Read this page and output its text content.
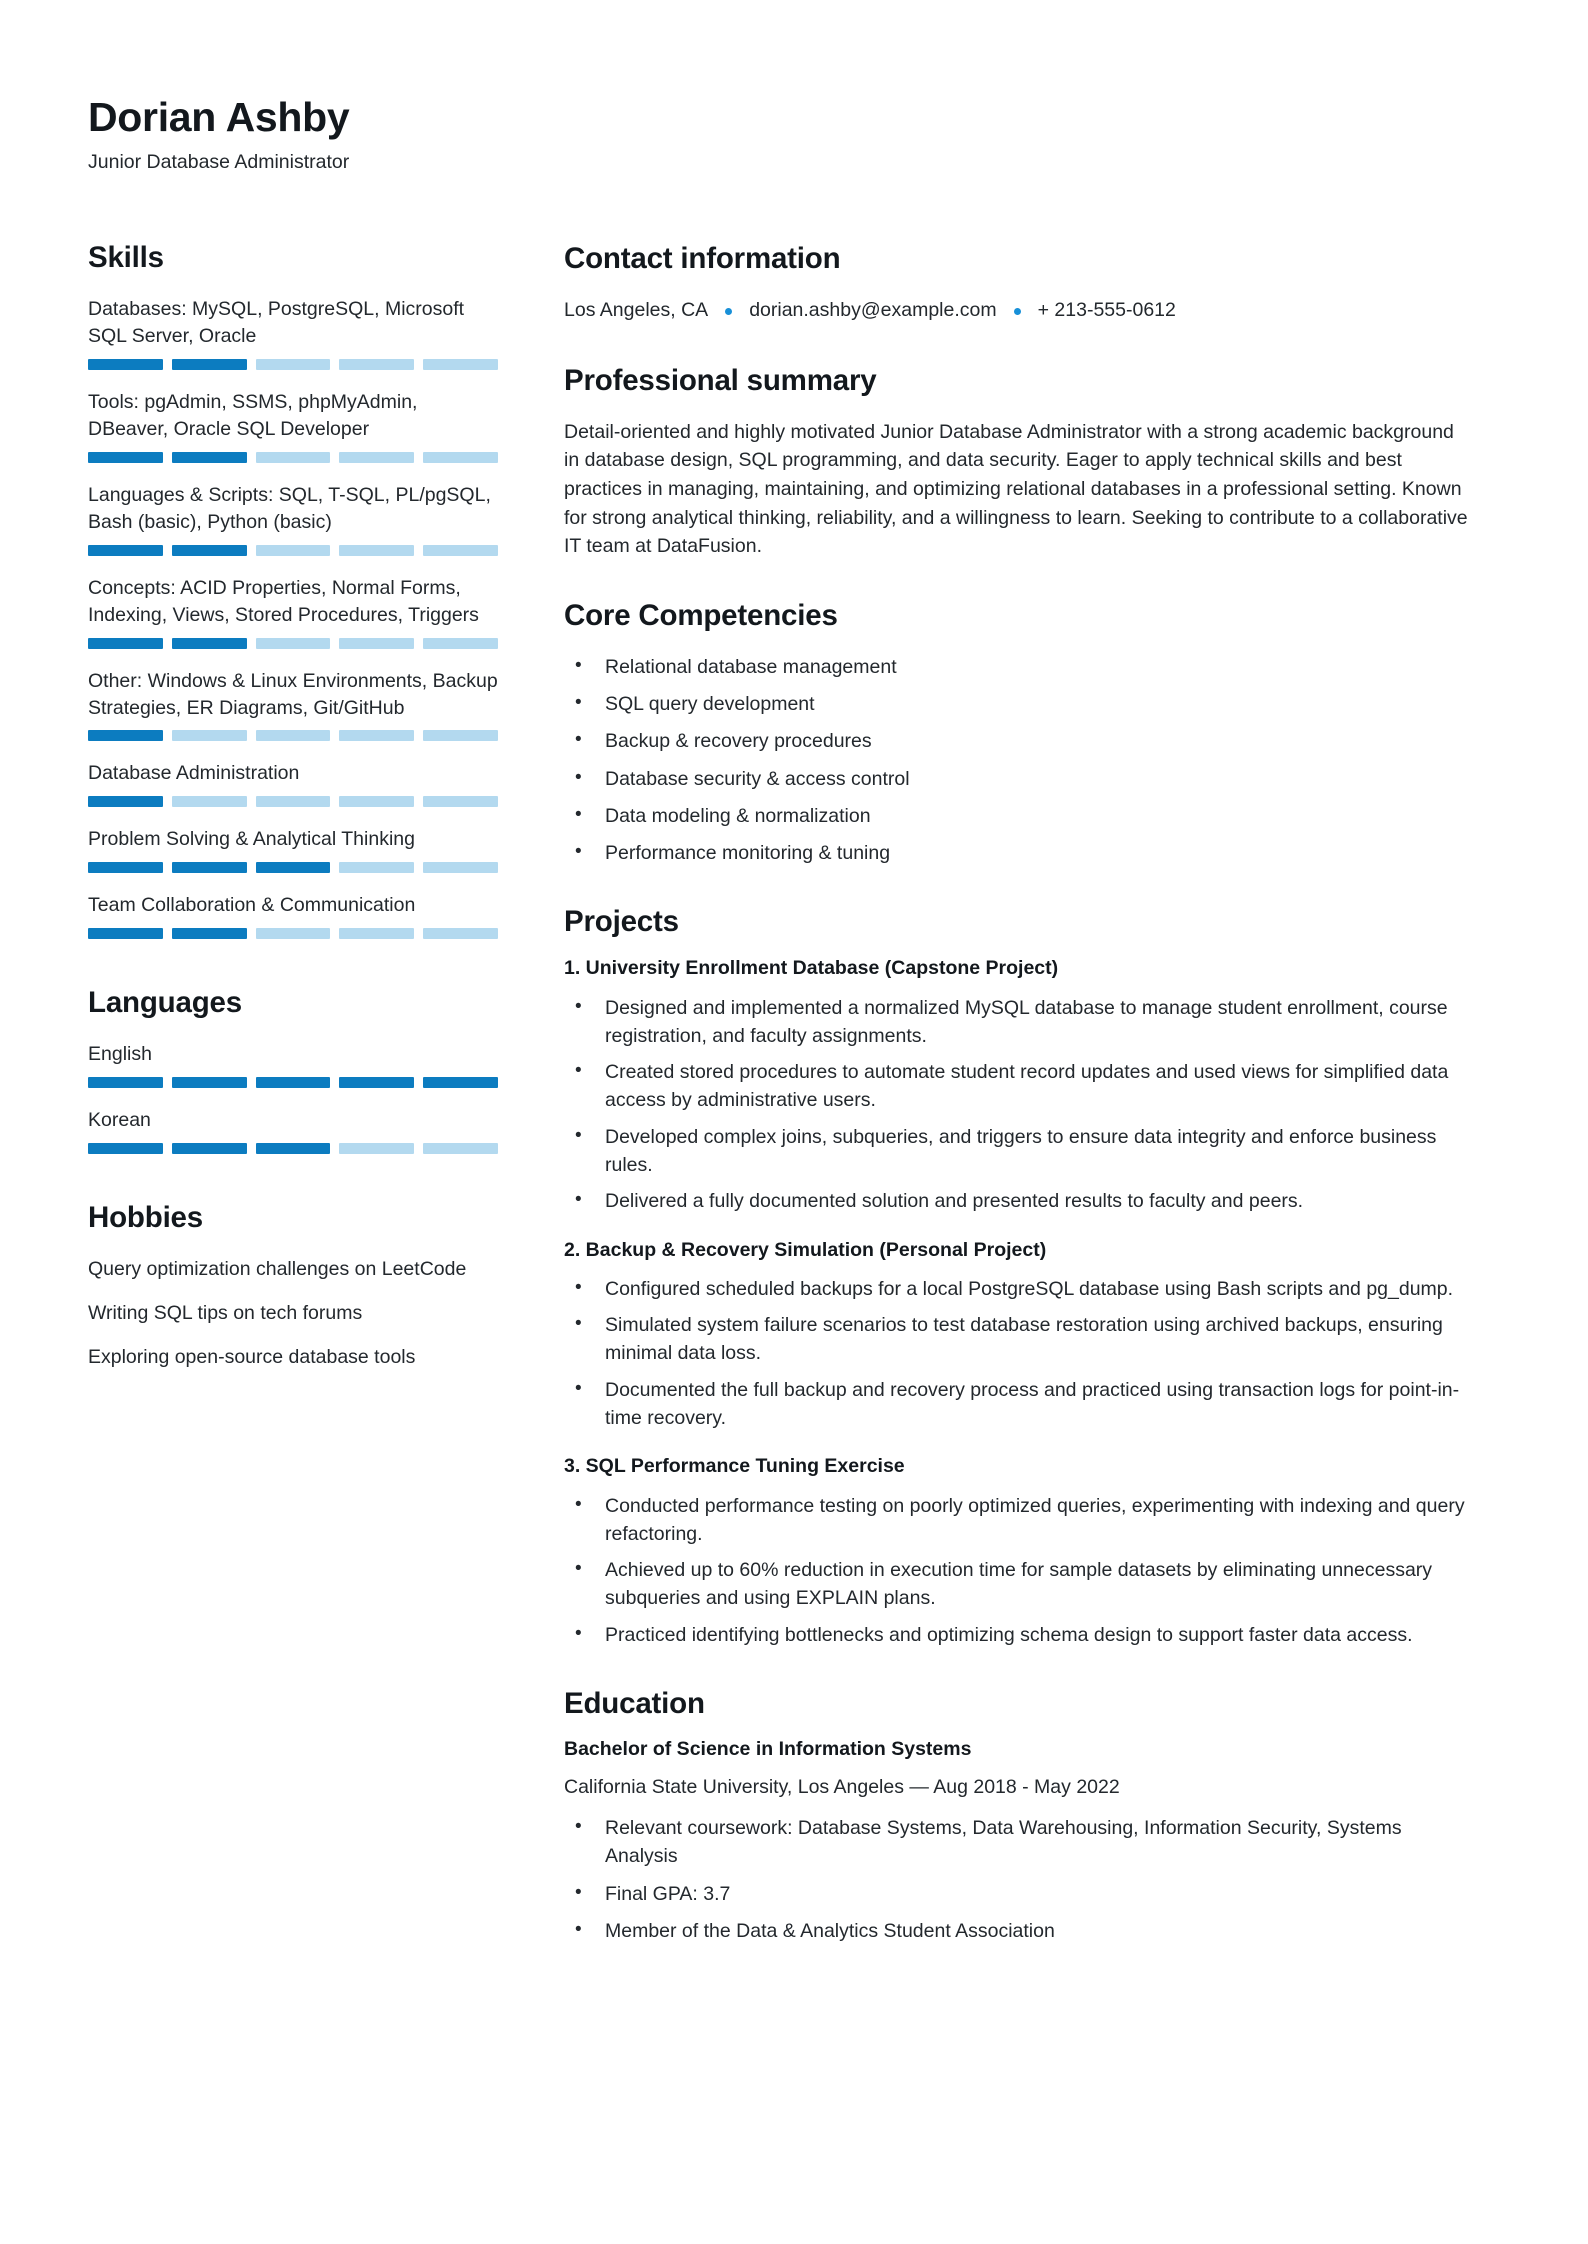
Dorian Ashby

Junior Database Administrator

Skills
Databases: MySQL, PostgreSQL, Microsoft SQL Server, Oracle
Tools: pgAdmin, SSMS, phpMyAdmin, DBeaver, Oracle SQL Developer
Languages & Scripts: SQL, T-SQL, PL/pgSQL, Bash (basic), Python (basic)
Concepts: ACID Properties, Normal Forms, Indexing, Views, Stored Procedures, Triggers
Other: Windows & Linux Environments, Backup Strategies, ER Diagrams, Git/GitHub
Database Administration
Problem Solving & Analytical Thinking
Team Collaboration & Communication
Languages
English
Korean
Hobbies
Query optimization challenges on LeetCode
Writing SQL tips on tech forums
Exploring open-source database tools
Contact information
Los Angeles, CA dorian.ashby@example.com + 213-555-0612
Professional summary

Detail-oriented and highly motivated Junior Database Administrator with a strong academic background in database design, SQL programming, and data security. Eager to apply technical skills and best practices in managing, maintaining, and optimizing relational databases in a professional setting. Known for strong analytical thinking, reliability, and a willingness to learn. Seeking to contribute to a collaborative IT team at DataFusion.

Core Competencies
• Relational database management
• SQL query development
• Backup & recovery procedures
• Database security & access control
• Data modeling & normalization
• Performance monitoring & tuning
Projects

1. University Enrollment Database (Capstone Project)

• Designed and implemented a normalized MySQL database to manage student enrollment, course registration, and faculty assignments.
• Created stored procedures to automate student record updates and used views for simplified data access by administrative users.
• Developed complex joins, subqueries, and triggers to ensure data integrity and enforce business rules.
• Delivered a fully documented solution and presented results to faculty and peers.

2. Backup & Recovery Simulation (Personal Project)

• Configured scheduled backups for a local PostgreSQL database using Bash scripts and pg_dump.
• Simulated system failure scenarios to test database restoration using archived backups, ensuring minimal data loss.
• Documented the full backup and recovery process and practiced using transaction logs for point-in-time recovery.

3. SQL Performance Tuning Exercise

• Conducted performance testing on poorly optimized queries, experimenting with indexing and query refactoring.
• Achieved up to 60% reduction in execution time for sample datasets by eliminating unnecessary subqueries and using EXPLAIN plans.
• Practiced identifying bottlenecks and optimizing schema design to support faster data access.
Education

Bachelor of Science in Information Systems

California State University, Los Angeles — Aug 2018 - May 2022

• Relevant coursework: Database Systems, Data Warehousing, Information Security, Systems Analysis
• Final GPA: 3.7
• Member of the Data & Analytics Student Association
